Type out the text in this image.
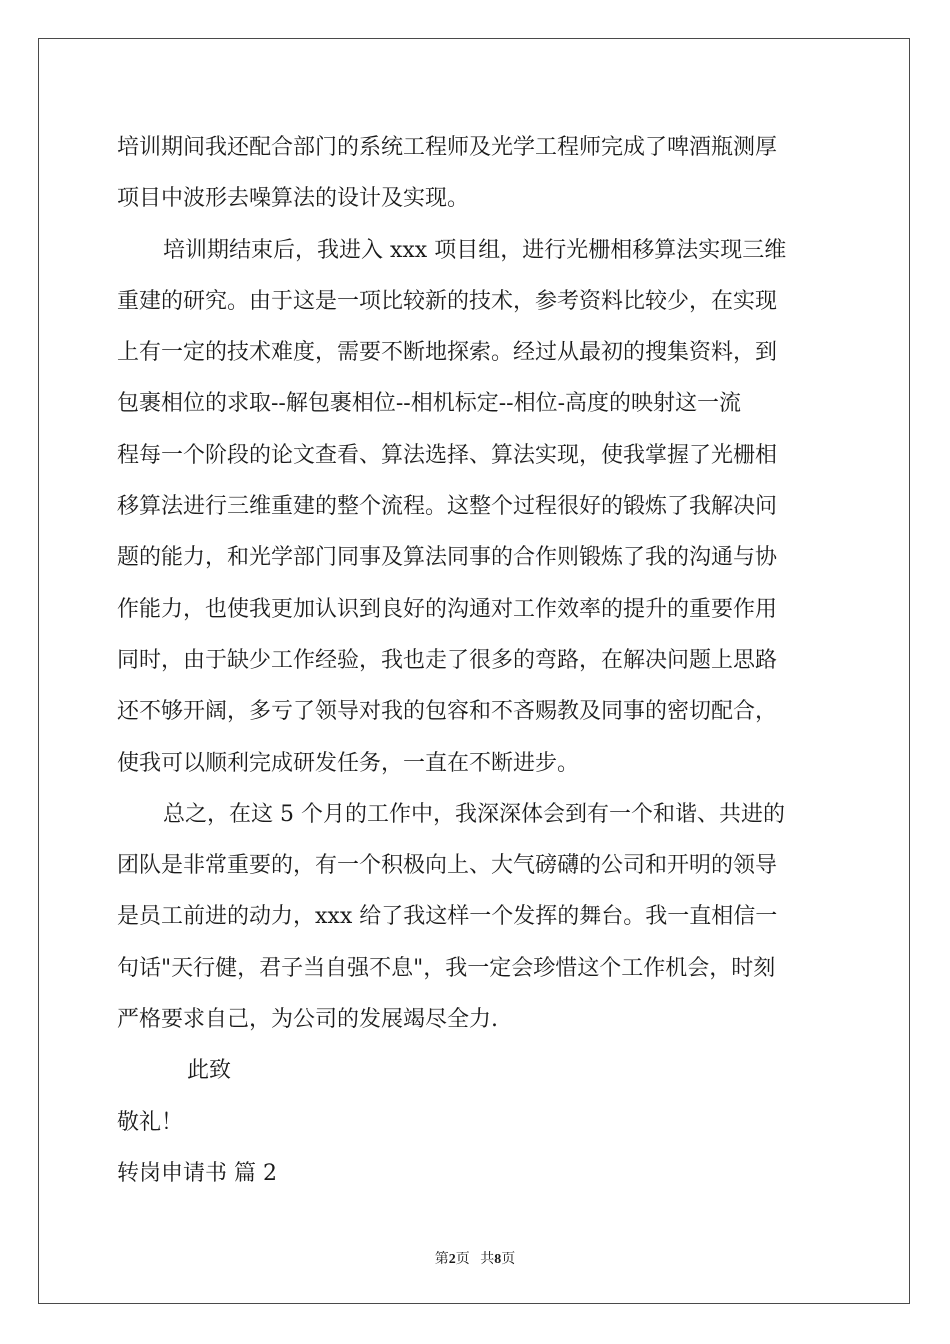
培训期间我还配合部门的系统工程师及光学工程师完成了啤酒瓶测厚
项目中波形去噪算法的设计及实现。
培训期结束后，我进入 xxx 项目组，进行光栅相移算法实现三维
重建的研究。由于这是一项比较新的技术，参考资料比较少，在实现
上有一定的技术难度，需要不断地探索。经过从最初的搜集资料，到
包裹相位的求取--解包裹相位--相机标定--相位-高度的映射这一流
程每一个阶段的论文查看、算法选择、算法实现，使我掌握了光栅相
移算法进行三维重建的整个流程。这整个过程很好的锻炼了我解决问
题的能力，和光学部门同事及算法同事的合作则锻炼了我的沟通与协
作能力，也使我更加认识到良好的沟通对工作效率的提升的重要作用
同时，由于缺少工作经验，我也走了很多的弯路，在解决问题上思路
还不够开阔，多亏了领导对我的包容和不吝赐教及同事的密切配合，
使我可以顺利完成研发任务，一直在不断进步。
总之，在这 5 个月的工作中，我深深体会到有一个和谐、共进的
团队是非常重要的，有一个积极向上、大气磅礴的公司和开明的领导
是员工前进的动力，xxx 给了我这样一个发挥的舞台。我一直相信一
句话"天行健，君子当自强不息"，我一定会珍惜这个工作机会，时刻
严格要求自己，为公司的发展竭尽全力.
此致
敬礼！
转岗申请书 篇 2
第2页 共8页
